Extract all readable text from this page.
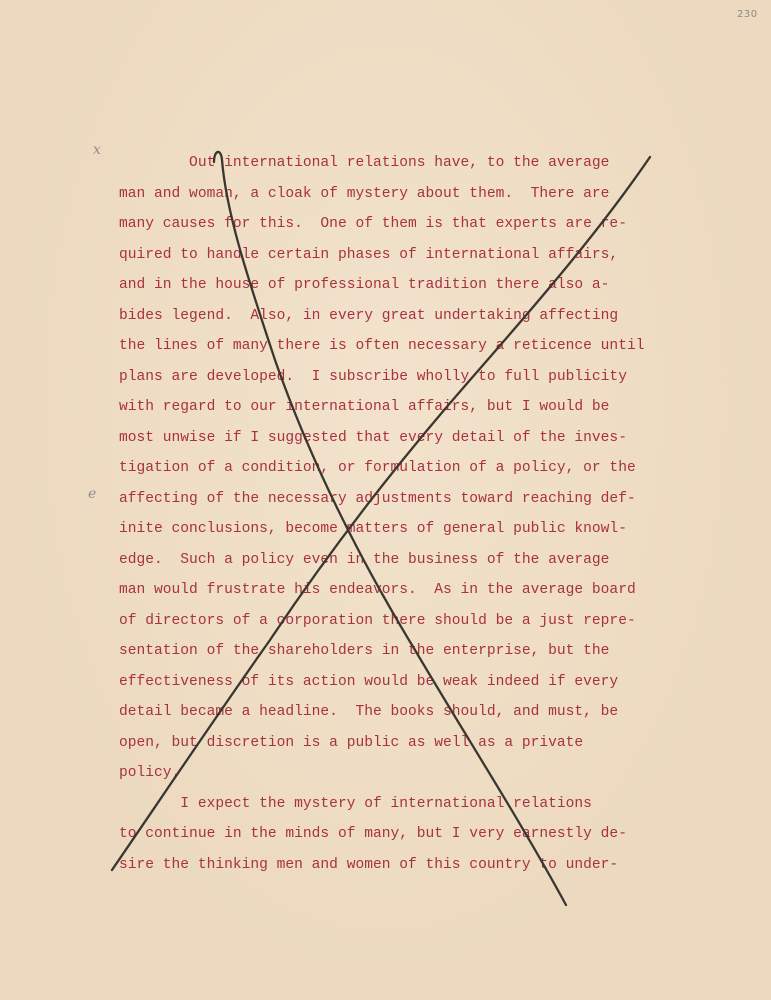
230
x
e
Out international relations have, to the average
man and woman, a cloak of mystery about them.  There are
many causes for this.  One of them is that experts are re-
quired to handle certain phases of international affairs,
and in the house of professional tradition there also a-
bides legend.  Also, in every great undertaking affecting
the lines of many there is often necessary a reticence until
plans are developed.  I subscribe wholly to full publicity
with regard to our international affairs, but I would be
most unwise if I suggested that every detail of the inves-
tigation of a condition, or formulation of a policy, or the
affecting of the necessary adjustments toward reaching def-
inite conclusions, become matters of general public knowl-
edge.  Such a policy even in the business of the average
man would frustrate his endeavors.  As in the average board
of directors of a corporation there should be a just repre-
sentation of the shareholders in the enterprise, but the
effectiveness of its action would be weak indeed if every
detail became a headline.  The books should, and must, be
open, but discretion is a public as well as a private
policy.
I expect the mystery of international relations
to continue in the minds of many, but I very earnestly de-
sire the thinking men and women of this country to under-
